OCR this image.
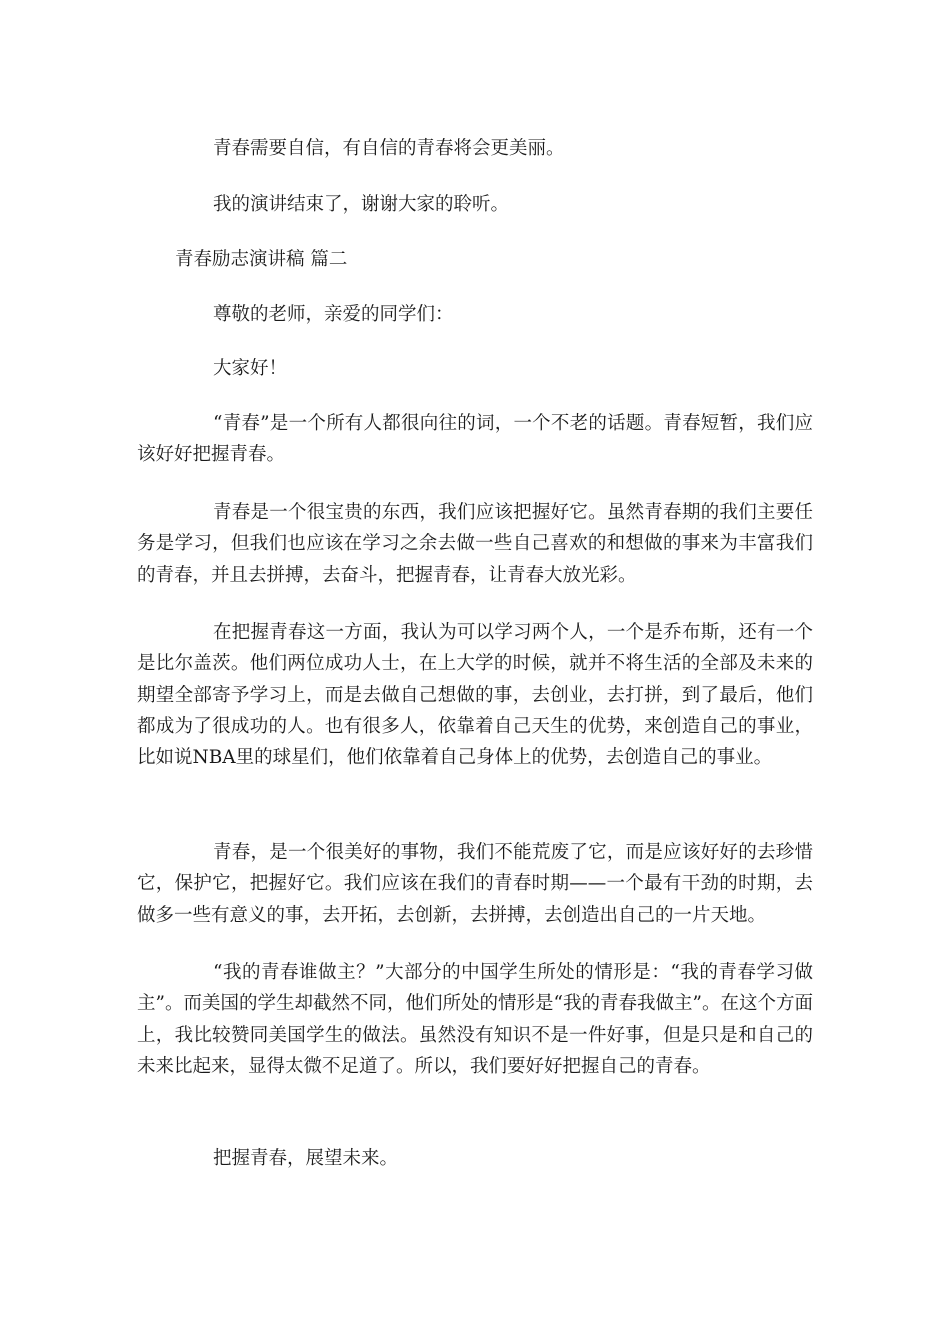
青春需要自信，有自信的青春将会更美丽。

我的演讲结束了，谢谢大家的聆听。

青春励志演讲稿 篇二

尊敬的老师，亲爱的同学们：

大家好！

“青春”是一个所有人都很向往的词，一个不老的话题。青春短暂，我们应该好好把握青春。

青春是一个很宝贵的东西，我们应该把握好它。虽然青春期的我们主要任务是学习，但我们也应该在学习之余去做一些自己喜欢的和想做的事来为丰富我们的青春，并且去拼搏，去奋斗，把握青春，让青春大放光彩。

在把握青春这一方面，我认为可以学习两个人，一个是乔布斯，还有一个是比尔盖茨。他们两位成功人士，在上大学的时候，就并不将生活的全部及未来的期望全部寄予学习上，而是去做自己想做的事，去创业，去打拼，到了最后，他们都成为了很成功的人。也有很多人，依靠着自己天生的优势，来创造自己的事业，比如说NBA里的球星们，他们依靠着自己身体上的优势，去创造自己的事业。

青春，是一个很美好的事物，我们不能荒废了它，而是应该好好的去珍惜它，保护它，把握好它。我们应该在我们的青春时期——一个最有干劲的时期，去做多一些有意义的事，去开拓，去创新，去拼搏，去创造出自己的一片天地。

“我的青春谁做主？”大部分的中国学生所处的情形是：“我的青春学习做主”。而美国的学生却截然不同，他们所处的情形是“我的青春我做主”。在这个方面上，我比较赞同美国学生的做法。虽然没有知识不是一件好事，但是只是和自己的未来比起来，显得太微不足道了。所以，我们要好好把握自己的青春。

把握青春，展望未来。
